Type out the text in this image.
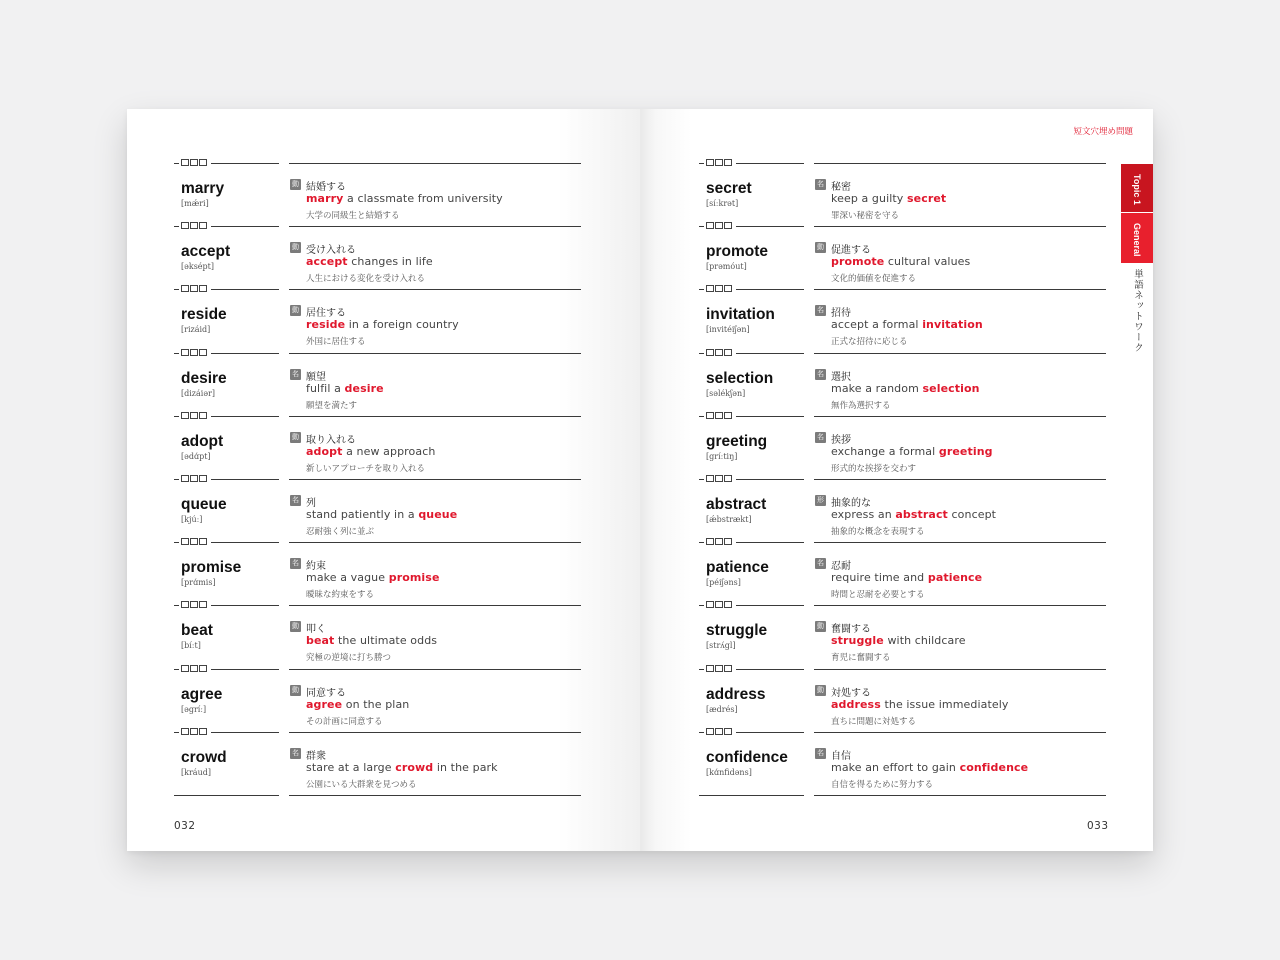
032
marry
[mǽri]
動 結婚する
marry a classmate from university
大学の同級生と結婚する
accept
[əksépt]
動 受け入れる
accept changes in life
人生における変化を受け入れる
reside
[rizáid]
動 居住する
reside in a foreign country
外国に居住する
desire
[dizáiər]
名 願望
fulfil a desire
願望を満たす
adopt
[ədɑ́pt]
動 取り入れる
adopt a new approach
新しいアプローチを取り入れる
queue
[kjúː]
名 列
stand patiently in a queue
忍耐強く列に並ぶ
promise
[prɑ́mis]
名 約束
make a vague promise
曖昧な約束をする
beat
[bíːt]
動 叩く
beat the ultimate odds
究極の逆境に打ち勝つ
agree
[əgríː]
動 同意する
agree on the plan
その計画に同意する
crowd
[kráud]
名 群衆
stare at a large crowd in the park
公園にいる大群衆を見つめる
短文穴埋め問題
Topic 1
General
単語ネットワーク
033
secret
[síːkrət]
名 秘密
keep a guilty secret
罪深い秘密を守る
promote
[prəmóut]
動 促進する
promote cultural values
文化的価値を促進する
invitation
[invitéiʃən]
名 招待
accept a formal invitation
正式な招待に応じる
selection
[səlékʃən]
名 選択
make a random selection
無作為選択する
greeting
[gríːtiŋ]
名 挨拶
exchange a formal greeting
形式的な挨拶を交わす
abstract
[ǽbstrækt]
形 抽象的な
express an abstract concept
抽象的な概念を表現する
patience
[péiʃəns]
名 忍耐
require time and patience
時間と忍耐を必要とする
struggle
[strʌ́gl]
動 奮闘する
struggle with childcare
育児に奮闘する
address
[ædrés]
動 対処する
address the issue immediately
直ちに問題に対処する
confidence
[kɑ́nfidəns]
名 自信
make an effort to gain confidence
自信を得るために努力する
